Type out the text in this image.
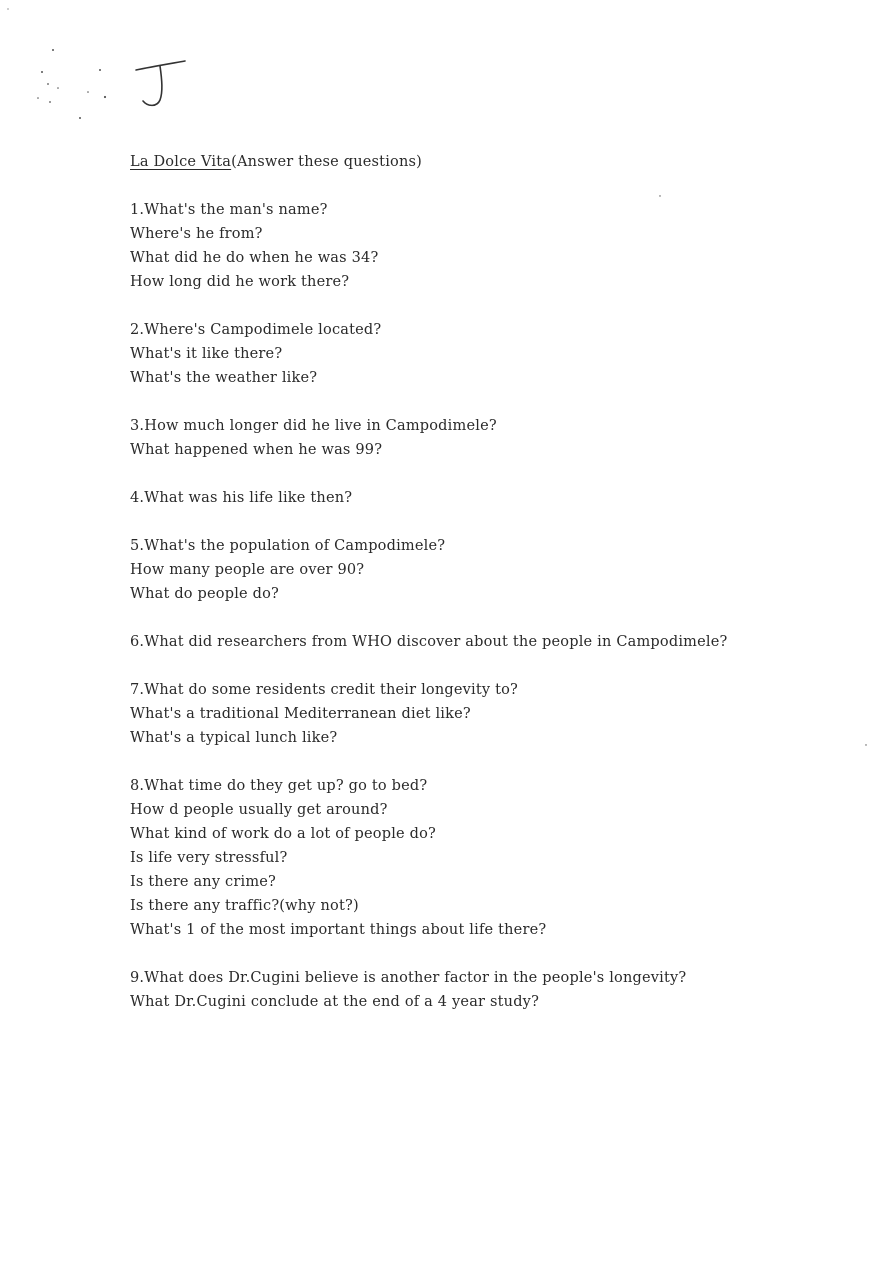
La Dolce Vita(Answer these questions)

1.What's the man's name?
Where's he from?
What did he do when he was 34?
How long did he work there?
2.Where's Campodimele located?
What's it like there?
What's the weather like?
3.How much longer did he live in Campodimele?
What happened when he was 99?
4.What was his life like then?
5.What's the population of Campodimele?
How many people are over 90?
What do people do?
6.What did researchers from WHO discover about the people in Campodimele?
7.What do some residents credit their longevity to?
What's a traditional Mediterranean diet like?
What's a typical lunch like?
8.What time do they get up? go to bed?
How d people usually get around?
What kind of work do a lot of people do?
Is life very stressful?
Is there any crime?
Is there any traffic?(why not?)
What's 1 of the most important things about life there?
9.What does Dr.Cugini believe is another factor in the people's longevity?
What Dr.Cugini conclude at the end of a 4 year study?
